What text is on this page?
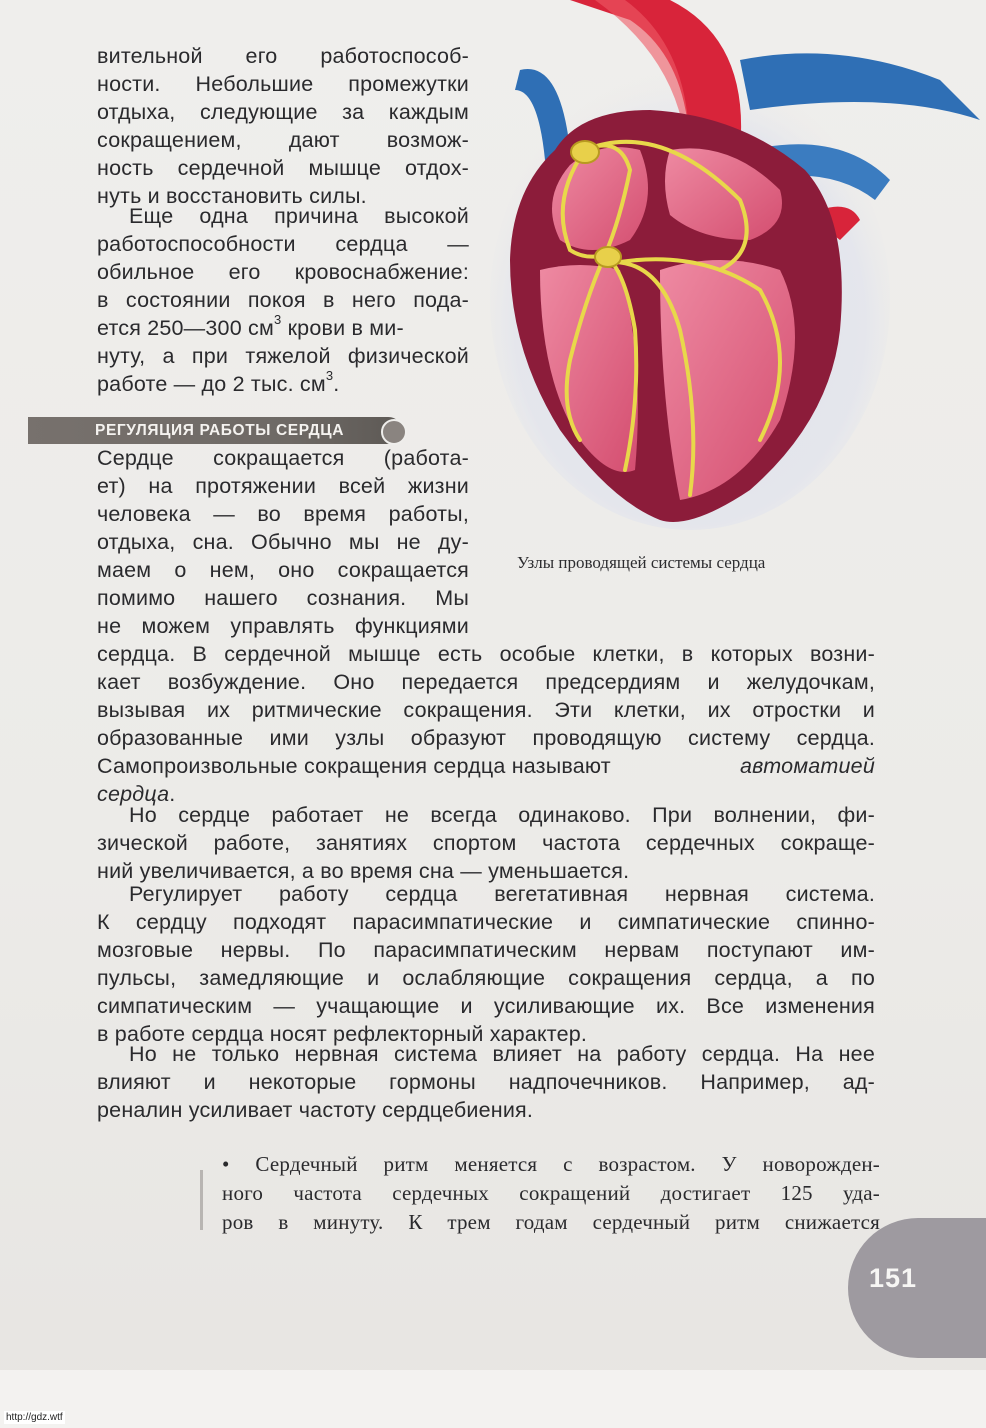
вительной его работоспособ-
ности. Небольшие промежутки
отдыха, следующие за каждым
сокращением, дают возмож-
ность сердечной мышце отдох-
нуть и восстановить силы.
Еще одна причина высокой
работоспособности сердца —
обильное его кровоснабжение:
в состоянии покоя в него пода-
ется 250—300 $см^3$ крови в ми-
нуту, а при тяжелой физической
работе — до 2 тыс. $см^3$.
РЕГУЛЯЦИЯ РАБОТЫ СЕРДЦА
Сердце сокращается (работа-
ет) на протяжении всей жизни
человека — во время работы,
отдыха, сна. Обычно мы не ду-
маем о нем, оно сокращается
помимо нашего сознания. Мы
не можем управлять функциями
Узлы проводящей системы сердца
сердца. В сердечной мышце есть особые клетки, в которых возни-
кает возбуждение. Оно передается предсердиям и желудочкам,
вызывая их ритмические сокращения. Эти клетки, их отростки и
образованные ими узлы образуют проводящую систему сердца.
Самопроизвольные сокращения сердца называют	автоматией
сердца.
Но сердце работает не всегда одинаково. При волнении, фи-
зической работе, занятиях спортом частота сердечных сокраще-
ний увеличивается, а во время сна — уменьшается.
Регулирует работу сердца вегетативная нервная система.
К сердцу подходят парасимпатические и симпатические спинно-
мозговые нервы. По парасимпатическим нервам поступают им-
пульсы, замедляющие и ослабляющие сокращения сердца, а по
симпатическим — учащающие и усиливающие их. Все изменения
в работе сердца носят рефлекторный характер.
Но не только нервная система влияет на работу сердца. На нее
влияют и некоторые гормоны надпочечников. Например, ад-
реналин усиливает частоту сердцебиения.
• Сердечный ритм меняется с возрастом. У новорожден-
ного частота сердечных сокращений достигает 125 уда-
ров в минуту. К трем годам сердечный ритм снижается
151
http://gdz.wtf
